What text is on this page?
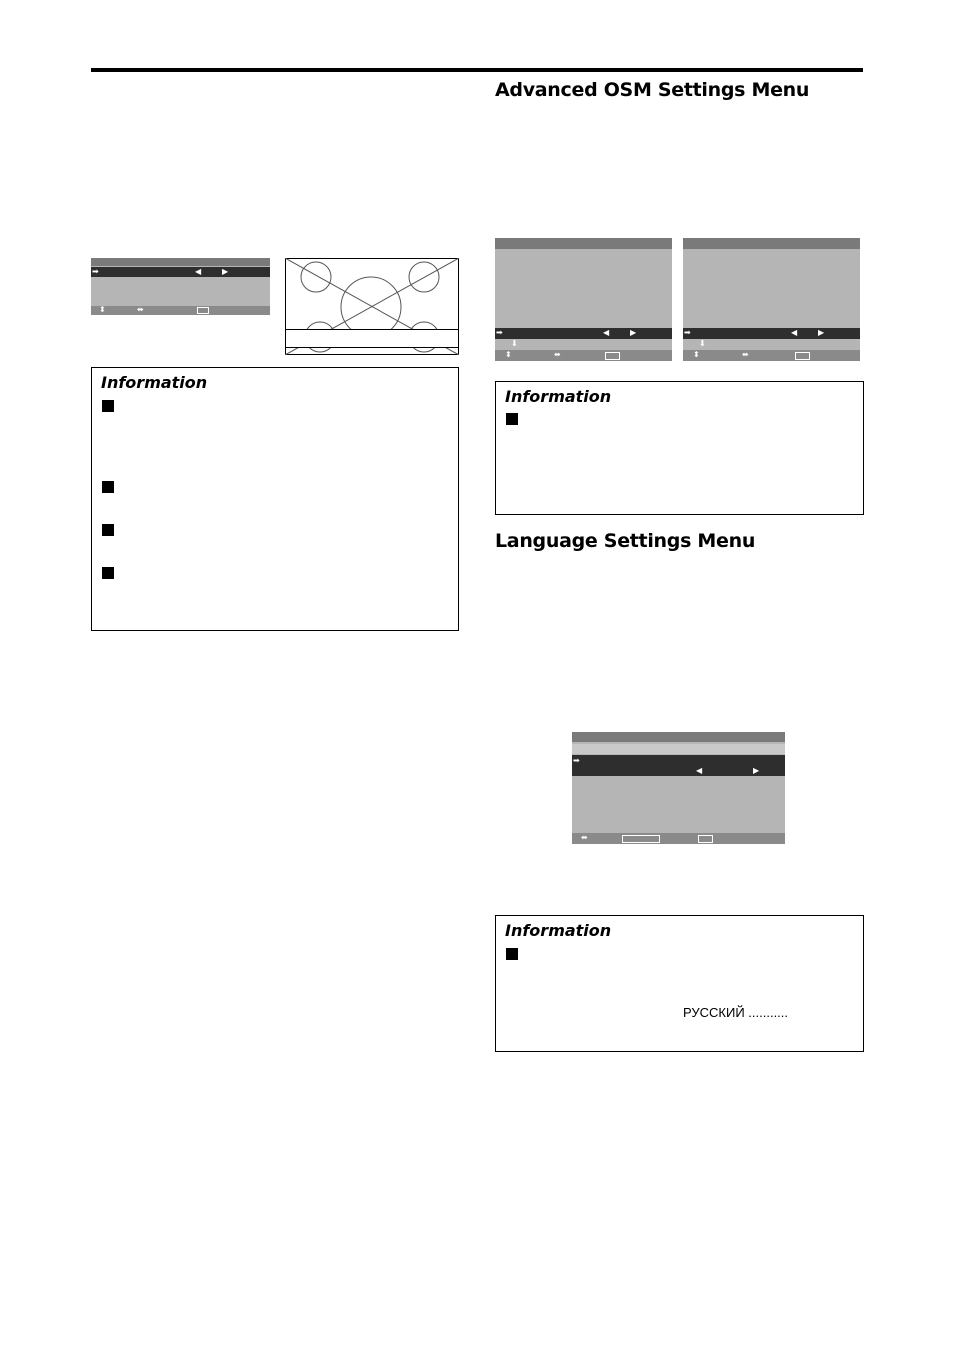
➡	◀	▶
⬍	⬌
Information
Advanced OSM Settings Menu
➡	◀	▶
⬇
⬍	⬌
➡	◀	▶
⬇
⬍	⬌
Information
Language Settings Menu
➡
◀	▶
⬌
Information
РУССКИЙ ...........
